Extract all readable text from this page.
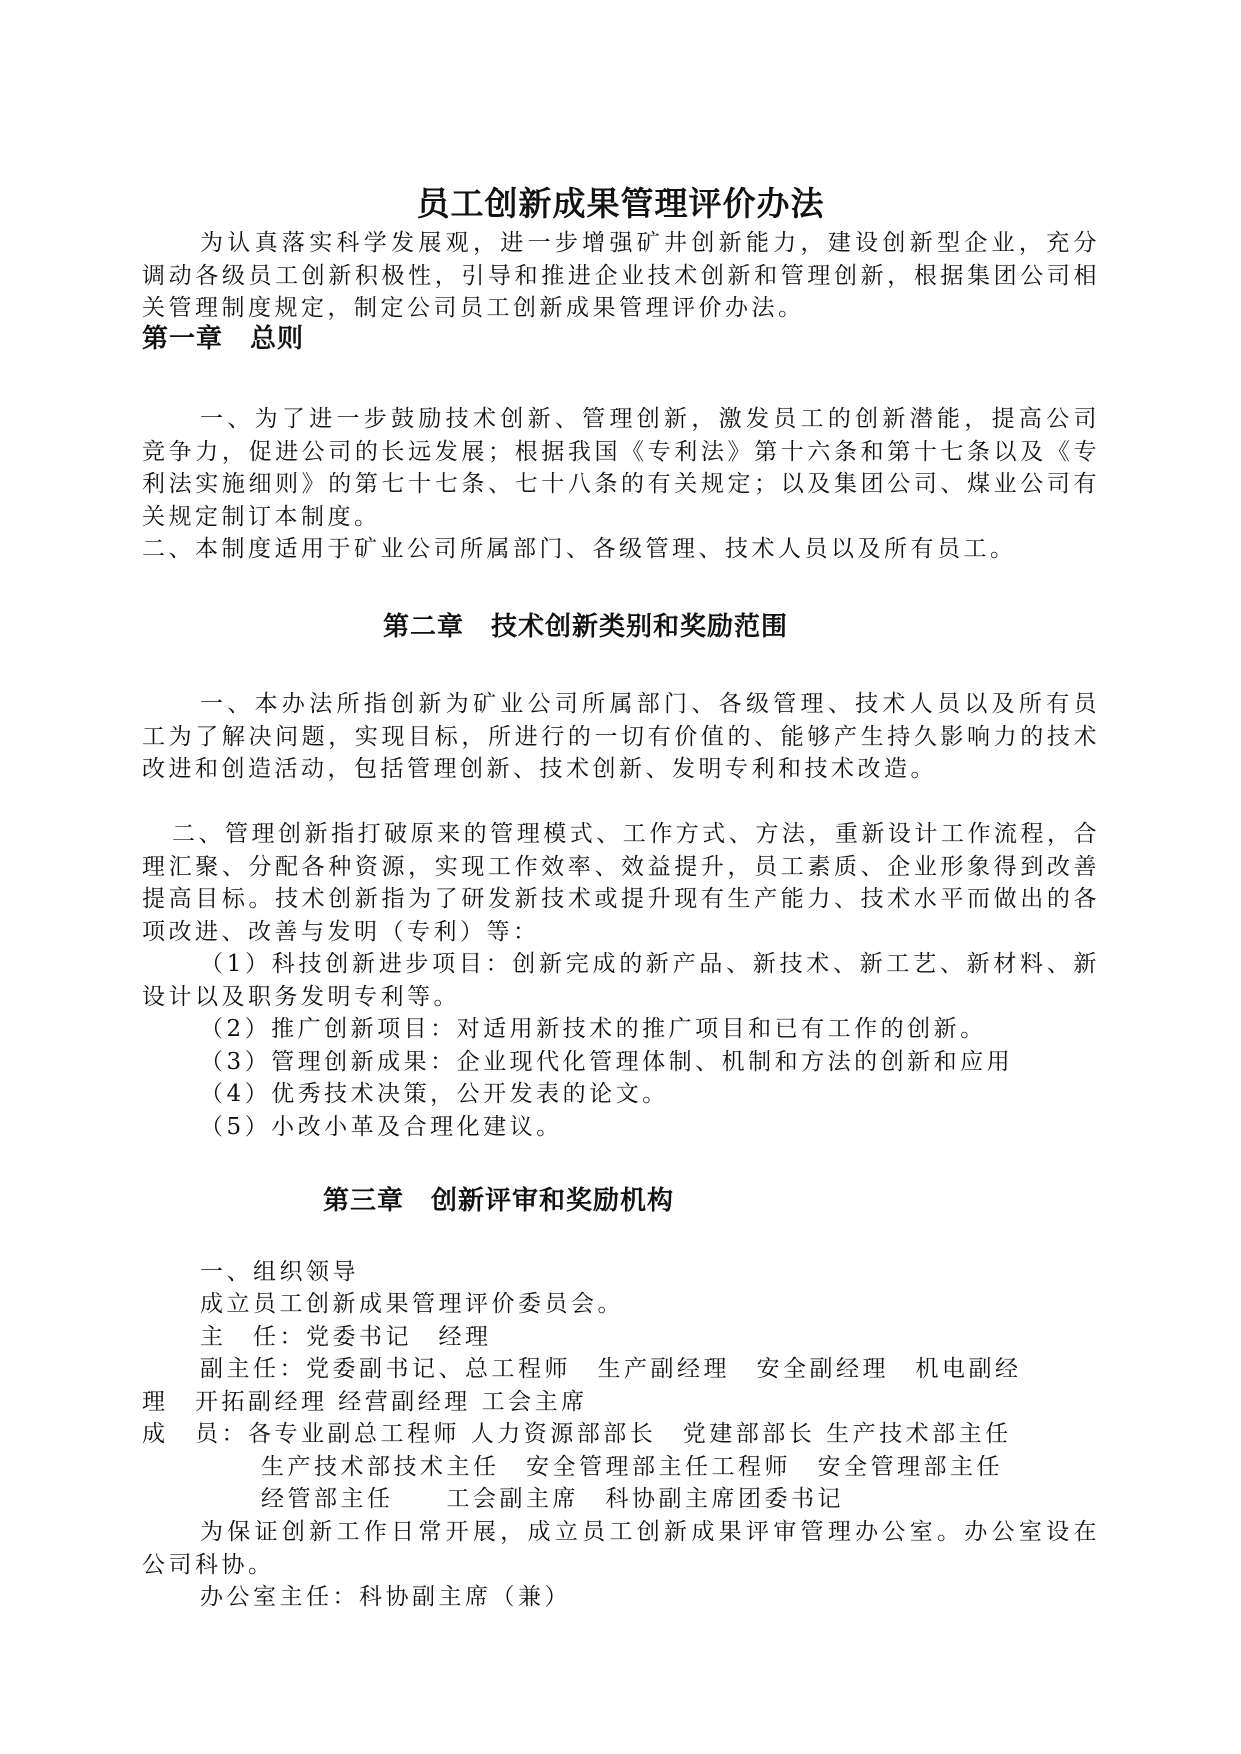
员工创新成果管理评价办法
为认真落实科学发展观，进一步增强矿井创新能力，建设创新型企业，充分调动各级员工创新积极性，引导和推进企业技术创新和管理创新，根据集团公司相关管理制度规定，制定公司员工创新成果管理评价办法。
第一章　总则
一、为了进一步鼓励技术创新、管理创新，激发员工的创新潜能，提高公司竞争力，促进公司的长远发展；根据我国《专利法》第十六条和第十七条以及《专利法实施细则》的第七十七条、七十八条的有关规定；以及集团公司、煤业公司有关规定制订本制度。
二、本制度适用于矿业公司所属部门、各级管理、技术人员以及所有员工。
第二章　技术创新类别和奖励范围
一、本办法所指创新为矿业公司所属部门、各级管理、技术人员以及所有员工为了解决问题，实现目标，所进行的一切有价值的、能够产生持久影响力的技术改进和创造活动，包括管理创新、技术创新、发明专利和技术改造。
二、管理创新指打破原来的管理模式、工作方式、方法，重新设计工作流程，合理汇聚、分配各种资源，实现工作效率、效益提升，员工素质、企业形象得到改善提高目标。技术创新指为了研发新技术或提升现有生产能力、技术水平而做出的各项改进、改善与发明（专利）等：
（1）科技创新进步项目：创新完成的新产品、新技术、新工艺、新材料、新设计以及职务发明专利等。
（2）推广创新项目：对适用新技术的推广项目和已有工作的创新。
（3）管理创新成果：企业现代化管理体制、机制和方法的创新和应用
（4）优秀技术决策，公开发表的论文。
（5）小改小革及合理化建议。
第三章　创新评审和奖励机构
一、组织领导
成立员工创新成果管理评价委员会。
主　任：党委书记　经理
副主任：党委副书记、总工程师　生产副经理　安全副经理　机电副经
理　开拓副经理 经营副经理 工会主席
成　员：各专业副总工程师 人力资源部部长　党建部部长 生产技术部主任
生产技术部技术主任　安全管理部主任工程师　安全管理部主任
经管部主任　　工会副主席　科协副主席团委书记
为保证创新工作日常开展，成立员工创新成果评审管理办公室。办公室设在公司科协。
办公室主任：科协副主席（兼）
